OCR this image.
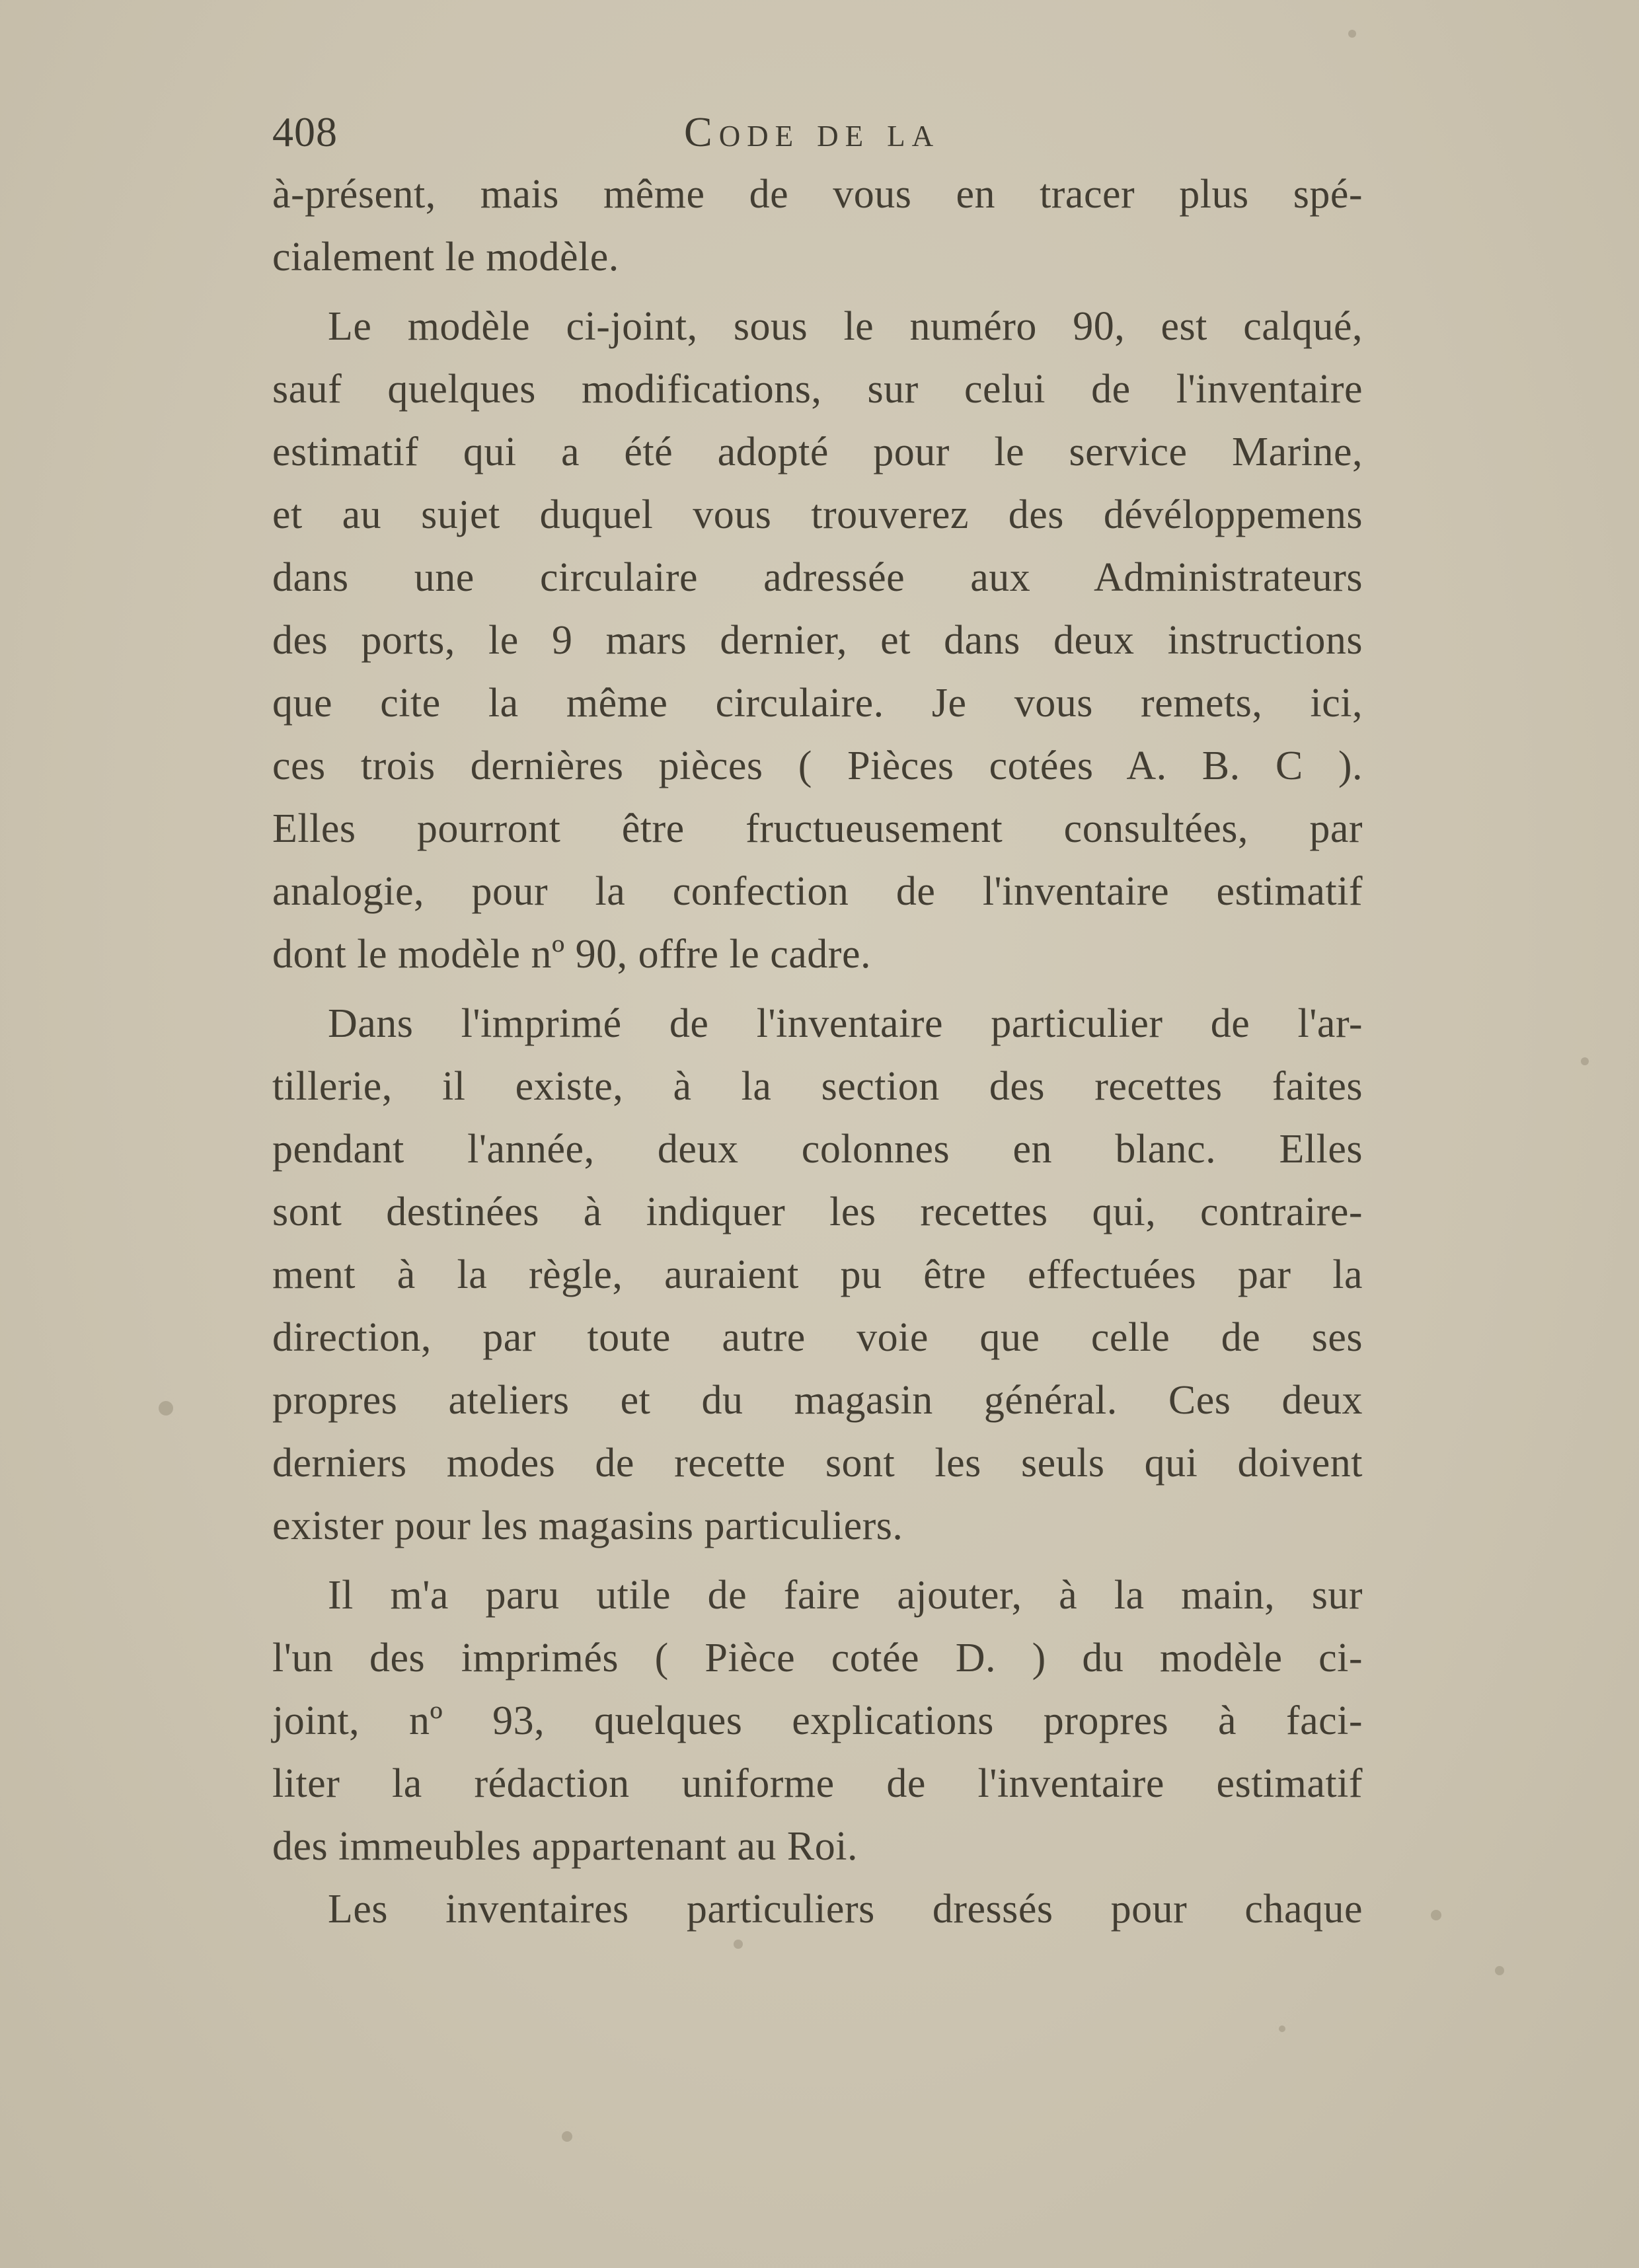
408	Code de la
à-présent, mais même de vous en tracer plus spé-
cialement le modèle.
Le modèle ci-joint, sous le numéro 90, est calqué,
sauf quelques modifications, sur celui de l'inventaire
estimatif qui a été adopté pour le service Marine,
et au sujet duquel vous trouverez des dévéloppemens
dans une circulaire adressée aux Administrateurs
des ports, le 9 mars dernier, et dans deux instructions
que cite la même circulaire. Je vous remets, ici,
ces trois dernières pièces ( Pièces cotées A. B. C ).
Elles pourront être fructueusement consultées, par
analogie, pour la confection de l'inventaire estimatif
dont le modèle nº 90, offre le cadre.
Dans l'imprimé de l'inventaire particulier de l'ar-
tillerie, il existe, à la section des recettes faites
pendant l'année, deux colonnes en blanc. Elles
sont destinées à indiquer les recettes qui, contraire-
ment à la règle, auraient pu être effectuées par la
direction, par toute autre voie que celle de ses
propres ateliers et du magasin général. Ces deux
derniers modes de recette sont les seuls qui doivent
exister pour les magasins particuliers.
Il m'a paru utile de faire ajouter, à la main, sur
l'un des imprimés ( Pièce cotée D. ) du modèle ci-
joint, nº 93, quelques explications propres à faci-
liter la rédaction uniforme de l'inventaire estimatif
des immeubles appartenant au Roi.
Les inventaires particuliers dressés pour chaque
